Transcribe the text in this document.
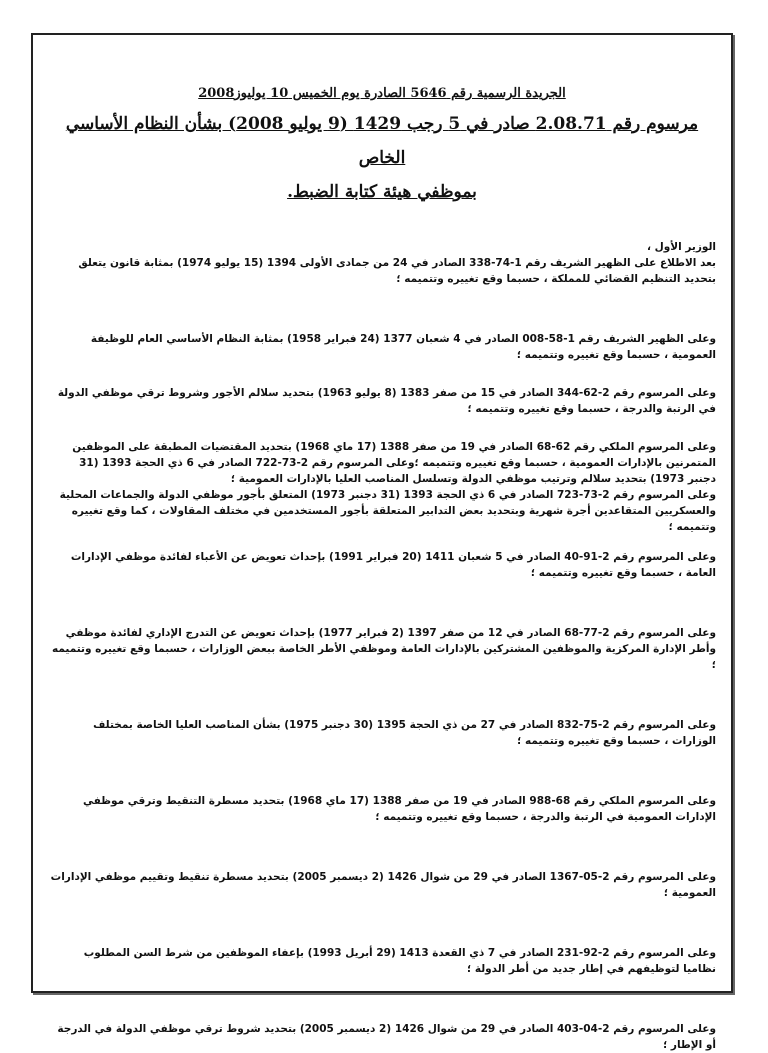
الجريدة الرسمية رقم 5646 الصادرة يوم الخميس 10 يوليوز2008

مرسوم رقم 2.08.71 صادر في 5 رجب 1429 (9 يوليو 2008) بشأن النظام الأساسي الخاص

بموظفي هيئة كتابة الضبط.

الوزير الأول ،

بعد الاطلاع على الظهير الشريف رقم 1-74-338 الصادر في 24 من جمادى الأولى 1394 (15 يوليو 1974) بمثابة قانون يتعلق بتحديد التنظيم القضائي للمملكة ، حسبما وقع تغييره وتتميمه ؛

وعلى الظهير الشريف رقم 1-58-008 الصادر في 4 شعبان 1377 (24 فبراير 1958) بمثابة النظام الأساسي العام للوظيفة العمومية ، حسبما وقع تغييره وتتميمه ؛

وعلى المرسوم رقم 2-62-344 الصادر في 15 من صفر 1383 (8 يوليو 1963) بتحديد سلالم الأجور وشروط ترقي موظفي الدولة في الرتبة والدرجة ، حسبما وقع تغييره وتتميمه ؛

وعلى المرسوم الملكي رقم 62-68 الصادر في 19 من صفر 1388 (17 ماي 1968) بتحديد المقتضيات المطبقة على الموظفين المتمرنين بالإدارات العمومية ، حسبما وقع تغييره وتتميمه ؛وعلى المرسوم رقم 2-73-722 الصادر في 6 ذي الحجة 1393 (31 دجنبر 1973) بتحديد سلالم وترتيب موظفي الدولة وتسلسل المناصب العليا بالإدارات العمومية ؛

وعلى المرسوم رقم 2-73-723 الصادر في 6 ذي الحجة 1393 (31 دجنبر 1973) المتعلق بأجور موظفي الدولة والجماعات المحلية والعسكريين المتقاعدين أجرة شهرية وبتحديد بعض التدابير المتعلقة بأجور المستخدمين في مختلف المقاولات ، كما وقع تغييره وتتميمه ؛

وعلى المرسوم رقم 2-91-40 الصادر في 5 شعبان 1411 (20 فبراير 1991) بإحداث تعويض عن الأعباء لفائدة موظفي الإدارات العامة ، حسبما وقع تغييره وتتميمه ؛

وعلى المرسوم رقم 2-77-68 الصادر في 12 من صفر 1397 (2 فبراير 1977) بإحداث تعويض عن التدرج الإداري لفائدة موظفي وأطر الإدارة المركزية والموظفين المشتركين بالإدارات العامة وموظفي الأطر الخاصة ببعض الوزارات ، حسبما وقع تغييره وتتميمه ؛

وعلى المرسوم رقم 2-75-832 الصادر في 27 من ذي الحجة 1395 (30 دجنبر 1975) بشأن المناصب العليا الخاصة بمختلف الوزارات ، حسبما وقع تغييره وتتميمه ؛

وعلى المرسوم الملكي رقم 68-988 الصادر في 19 من صفر 1388 (17 ماي 1968) بتحديد مسطرة التنقيط وترقي موظفي الإدارات العمومية في الرتبة والدرجة ، حسبما وقع تغييره وتتميمه ؛

وعلى المرسوم رقم 2-05-1367 الصادر في 29 من شوال 1426 (2 ديسمبر 2005) بتحديد مسطرة تنقيط وتقييم موظفي الإدارات العمومية ؛

وعلى المرسوم رقم 2-92-231 الصادر في 7 ذي القعدة 1413 (29 أبريل 1993) بإعفاء الموظفين من شرط السن المطلوب نظاميا لتوظيفهم في إطار جديد من أطر الدولة ؛

وعلى المرسوم رقم 2-04-403 الصادر في 29 من شوال 1426 (2 ديسمبر 2005) بتحديد شروط ترقي موظفي الدولة في الدرجة أو الإطار ؛
